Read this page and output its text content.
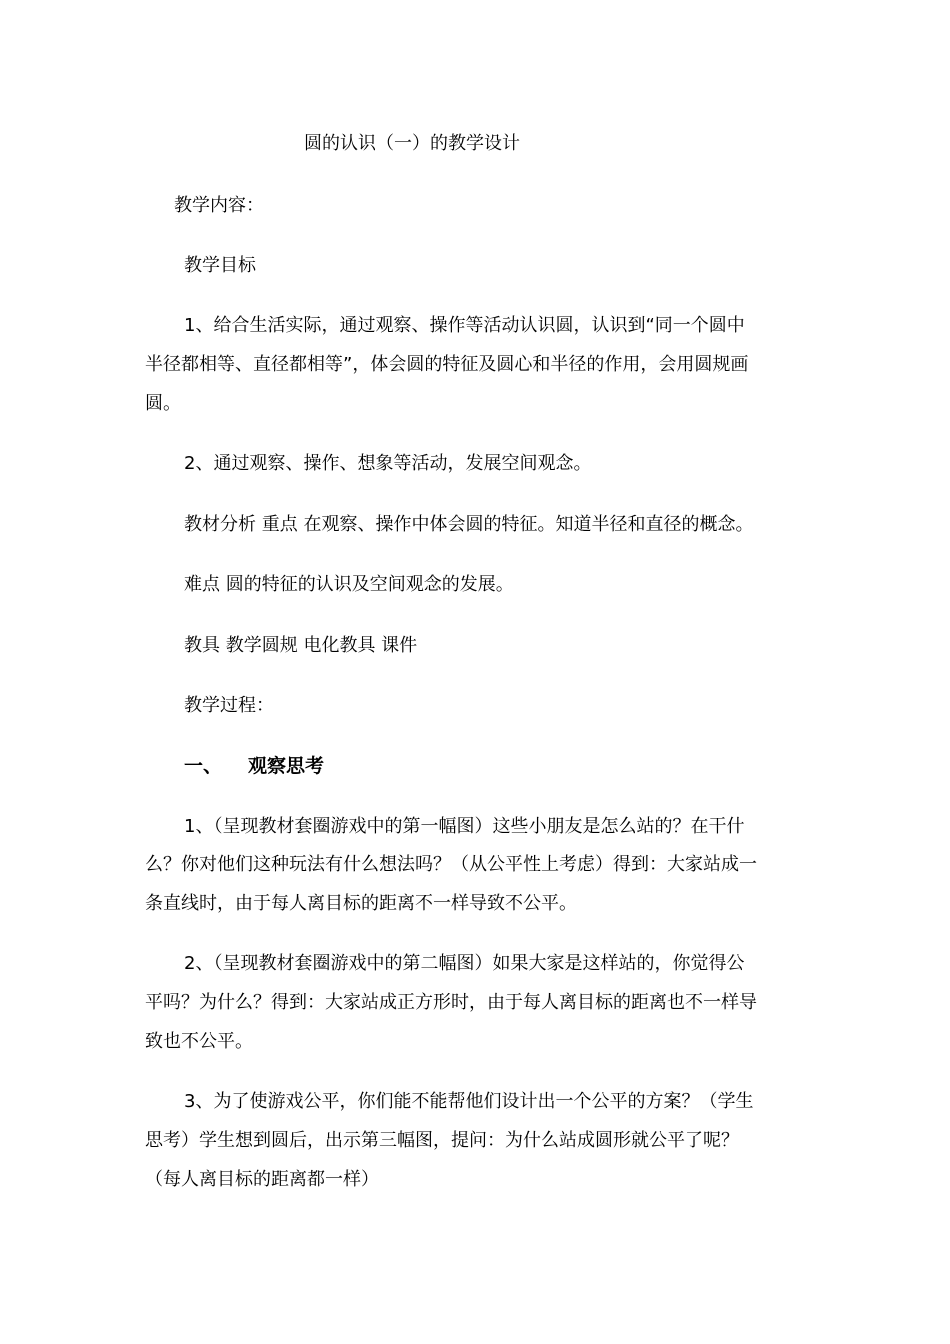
圆的认识（一）的教学设计
教学内容：
教学目标
1、给合生活实际，通过观察、操作等活动认识圆，认识到“同一个圆中
半径都相等、直径都相等”，体会圆的特征及圆心和半径的作用，会用圆规画
圆。
2、通过观察、操作、想象等活动，发展空间观念。
教材分析 重点 在观察、操作中体会圆的特征。知道半径和直径的概念。
难点 圆的特征的认识及空间观念的发展。
教具 教学圆规 电化教具 课件
教学过程：
一、 观察思考
1、（呈现教材套圈游戏中的第一幅图）这些小朋友是怎么站的？在干什
么？你对他们这种玩法有什么想法吗？（从公平性上考虑）得到：大家站成一
条直线时，由于每人离目标的距离不一样导致不公平。
2、（呈现教材套圈游戏中的第二幅图）如果大家是这样站的，你觉得公
平吗？为什么？得到：大家站成正方形时，由于每人离目标的距离也不一样导
致也不公平。
3、为了使游戏公平，你们能不能帮他们设计出一个公平的方案？（学生
思考）学生想到圆后，出示第三幅图，提问：为什么站成圆形就公平了呢？
（每人离目标的距离都一样）
